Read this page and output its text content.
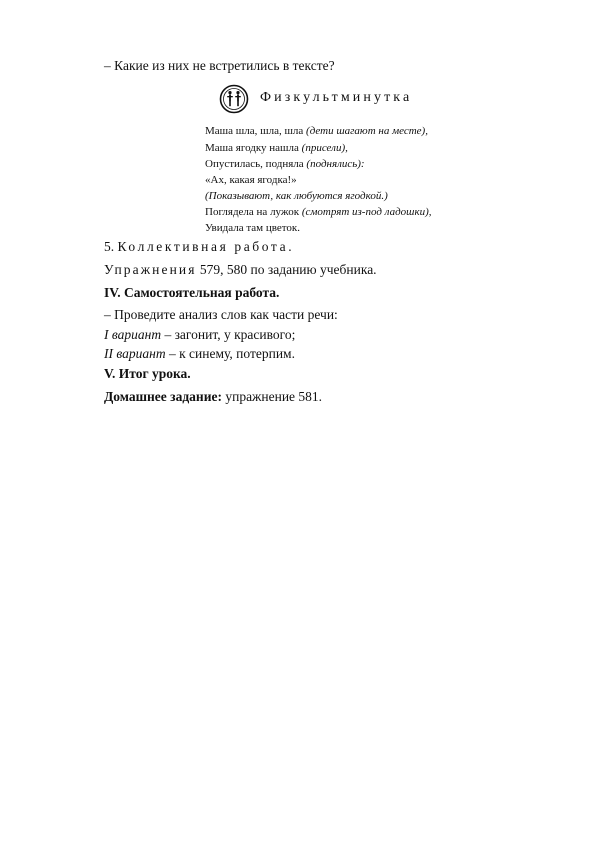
– Какие из них не встретились в тексте?
Физкультминутка
Маша шла, шла, шла (дети шагают на месте),
Маша ягодку нашла (присели),
Опустилась, подняла (поднялись):
«Ах, какая ягодка!»
(Показывают, как любуются ягодкой.)
Поглядела на лужок (смотрят из-под ладошки),
Увидала там цветок.
5. Коллективная работа.
Упражнения 579, 580 по заданию учебника.
IV. Самостоятельная работа.
– Проведите анализ слов как части речи:
I вариант – загонит, у красивого;
II вариант – к синему, потерпим.
V. Итог урока.
Домашнее задание: упражнение 581.
